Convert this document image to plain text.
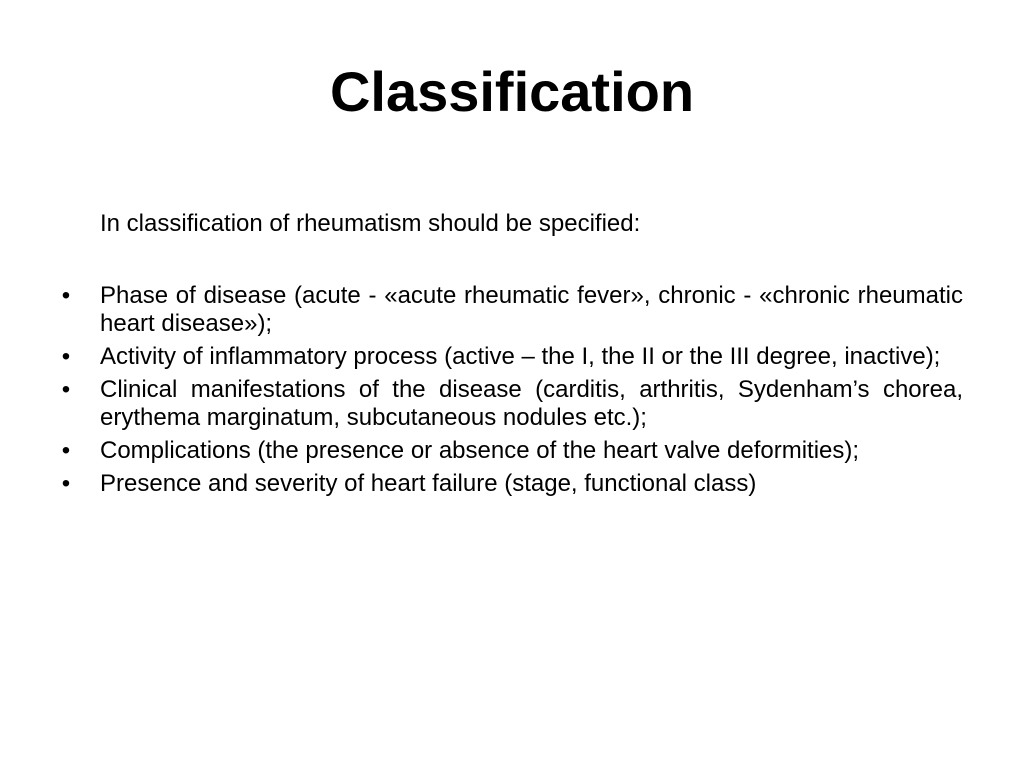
Classification
In classification of rheumatism should be specified:
• Phase of disease (acute - «acute rheumatic fever», chronic - «chronic rheumatic heart disease»);
• Activity of inflammatory process (active – the I, the II or the III degree, inactive);
• Clinical manifestations of the disease (carditis, arthritis, Sydenham’s chorea, erythema marginatum, subcutaneous nodules etc.);
• Complications (the presence or absence of the heart valve deformities);
• Presence and severity of heart failure (stage, functional class)
